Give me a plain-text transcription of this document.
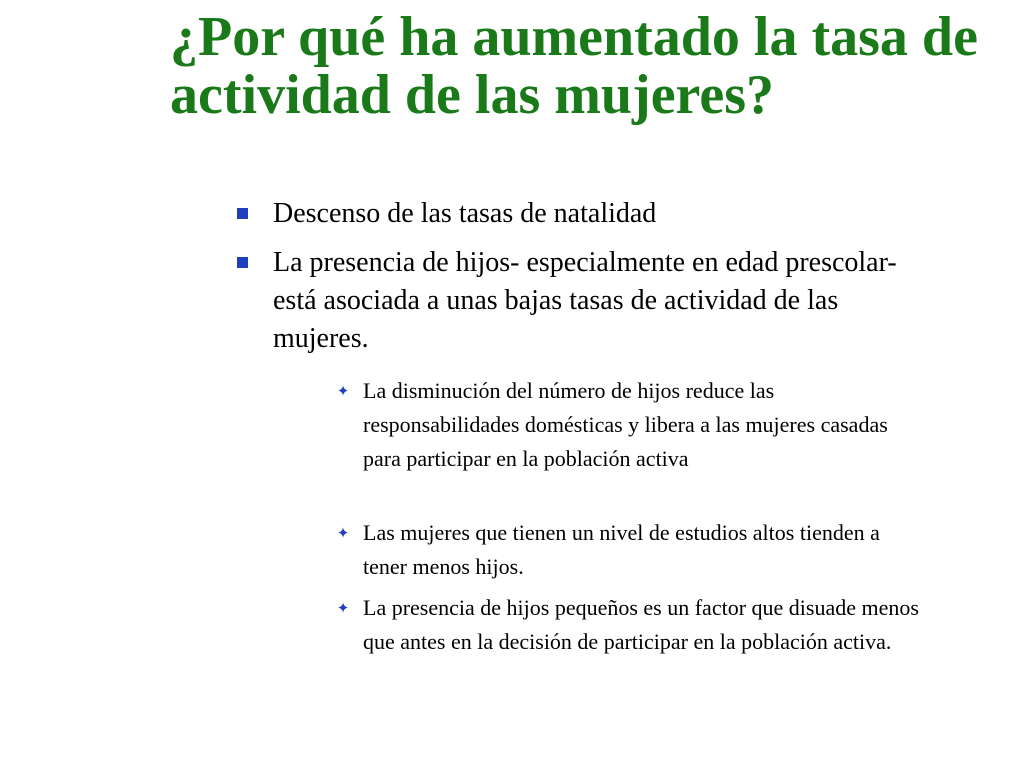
¿Por qué ha aumentado la tasa de actividad de las mujeres?
Descenso de las tasas de natalidad
La presencia de hijos- especialmente en edad prescolar- está asociada a unas bajas tasas de actividad de las mujeres.
✦ La disminución del número de hijos reduce las responsabilidades domésticas y libera a las mujeres casadas para participar en la población activa
✦ Las mujeres que tienen un nivel de estudios altos tienden a tener menos hijos.
✦ La presencia de hijos pequeños es un factor que disuade menos que antes en la decisión de participar en la población activa.
